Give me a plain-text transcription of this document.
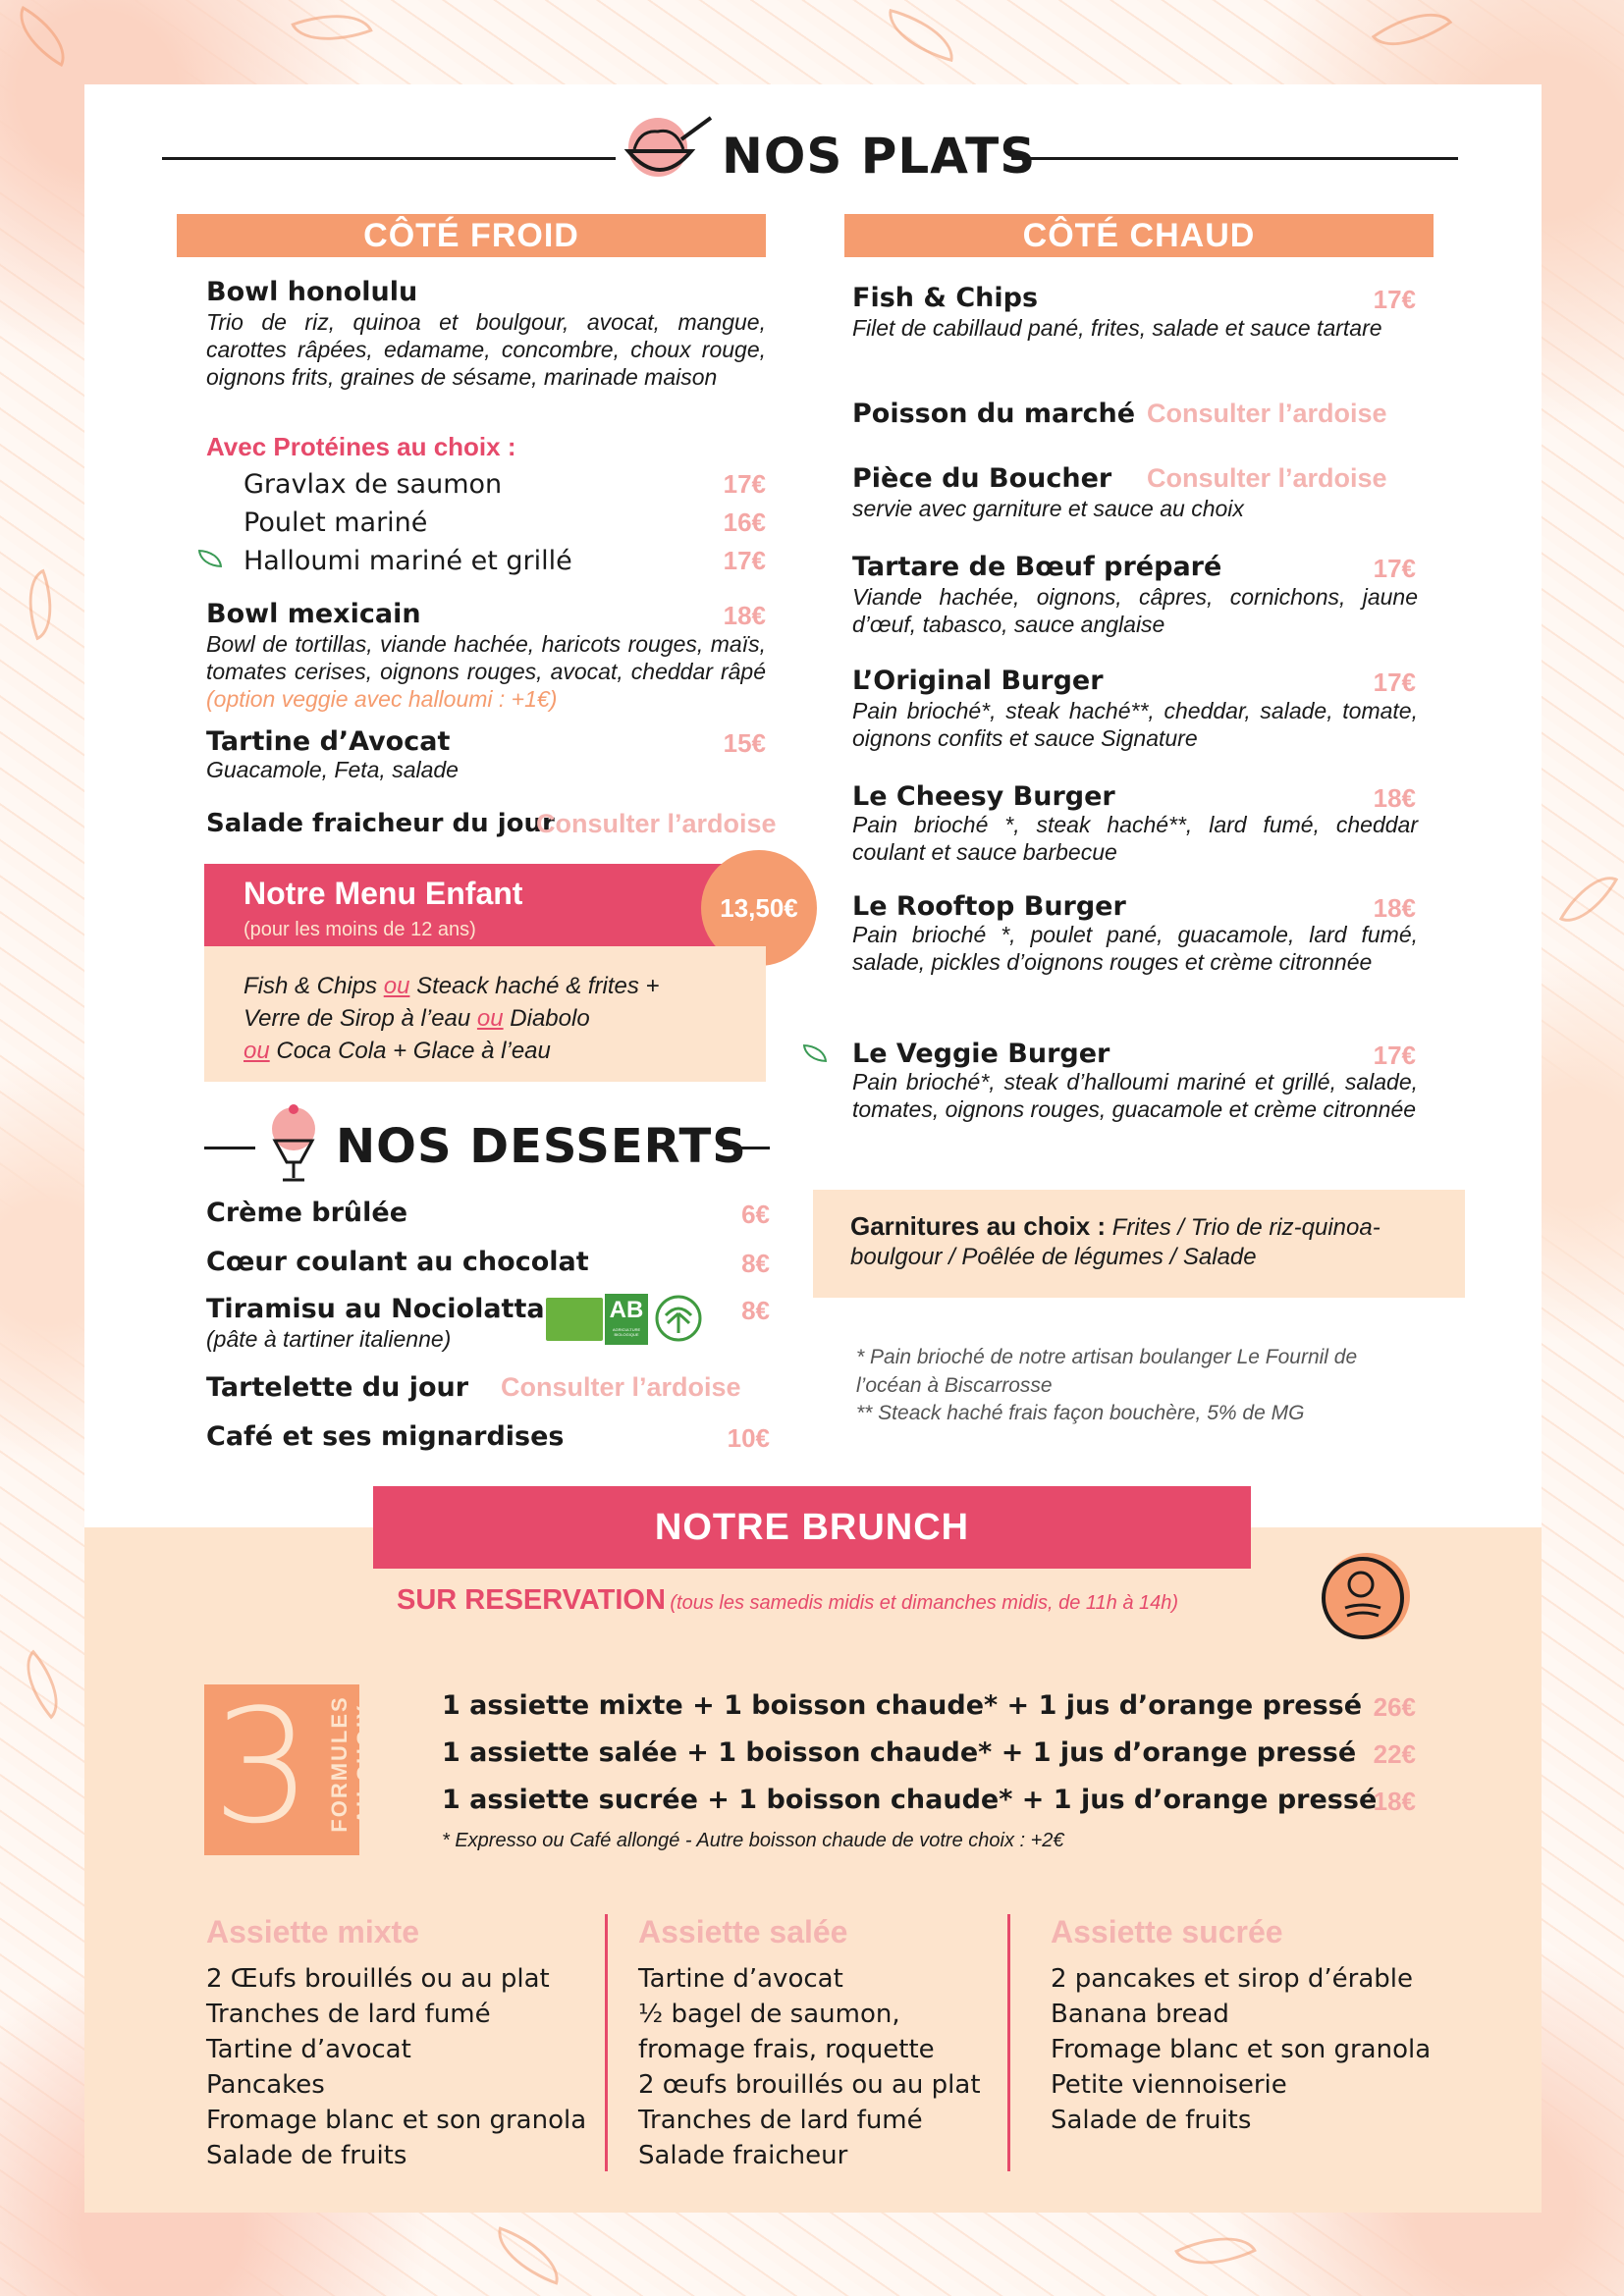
NOS PLATS
CÔTÉ FROID
Bowl honolulu
Trio de riz, quinoa et boulgour, avocat, mangue, carottes râpées, edamame, concombre, choux rouge, oignons frits, graines de sésame, marinade maison
Avec Protéines au choix :
Gravlax de saumon	17€
Poulet mariné	16€
Halloumi mariné et grillé	17€
Bowl mexicain	18€
Bowl de tortillas, viande hachée, haricots rouges, maïs, tomates cerises, oignons rouges, avocat, cheddar râpé (option veggie avec halloumi : +1€)
Tartine d’Avocat	15€
Guacamole, Feta, salade
Salade fraicheur du jour
Consulter l’ardoise
Notre Menu Enfant
(pour les moins de 12 ans)
13,50€
Fish & Chips ou Steack haché & frites +
Verre de Sirop à l’eau ou Diabolo
ou Coca Cola + Glace à l’eau
NOS DESSERTS
Crème brûlée	6€
Cœur coulant au chocolat	8€
Tiramisu au Nociolatta
(pâte à tartiner italienne)
AB
AGRICULTURE BIOLOGIQUE
8€
Tartelette du jour Consulter l’ardoise
Café et ses mignardises	10€
CÔTÉ CHAUD
Fish & Chips	17€
Filet de cabillaud pané, frites, salade et sauce tartare
Poisson du marché Consulter l’ardoise
Pièce du Boucher Consulter l’ardoise
servie avec garniture et sauce au choix
Tartare de Bœuf préparé	17€
Viande hachée, oignons, câpres, cornichons, jaune d’œuf, tabasco, sauce anglaise
L’Original Burger	17€
Pain brioché*, steak haché**, cheddar, salade, tomate, oignons confits et sauce Signature
Le Cheesy Burger	18€
Pain brioché *, steak haché**, lard fumé, cheddar coulant et sauce barbecue
Le Rooftop Burger	18€
Pain brioché *, poulet pané, guacamole, lard fumé, salade, pickles d’oignons rouges et crème citronnée
Le Veggie Burger	17€
Pain brioché*, steak d’halloumi mariné et grillé, salade, tomates, oignons rouges, guacamole et crème citronnée
Garnitures au choix : Frites / Trio de riz-quinoa-boulgour / Poêlée de légumes / Salade
* Pain brioché de notre artisan boulanger Le Fournil de l’océan à Biscarrosse
** Steack haché frais façon bouchère, 5% de MG
NOTRE BRUNCH
SUR RESERVATION (tous les samedis midis et dimanches midis, de 11h à 14h)
3 FORMULES AU CHOIX 1 assiette mixte + 1 boisson chaude* + 1 jus d’orange pressé 26€
1 assiette salée + 1 boisson chaude* + 1 jus d’orange pressé 22€
1 assiette sucrée + 1 boisson chaude* + 1 jus d’orange pressé
18€
* Expresso ou Café allongé - Autre boisson chaude de votre choix : +2€
Assiette mixte
2 Œufs brouillés ou au plat
Tranches de lard fumé
Tartine d’avocat
Pancakes
Fromage blanc et son granola
Salade de fruits
Assiette salée
Tartine d’avocat
½ bagel de saumon,
fromage frais, roquette
2 œufs brouillés ou au plat
Tranches de lard fumé
Salade fraicheur
Assiette sucrée
2 pancakes et sirop d’érable
Banana bread
Fromage blanc et son granola
Petite viennoiserie
Salade de fruits
